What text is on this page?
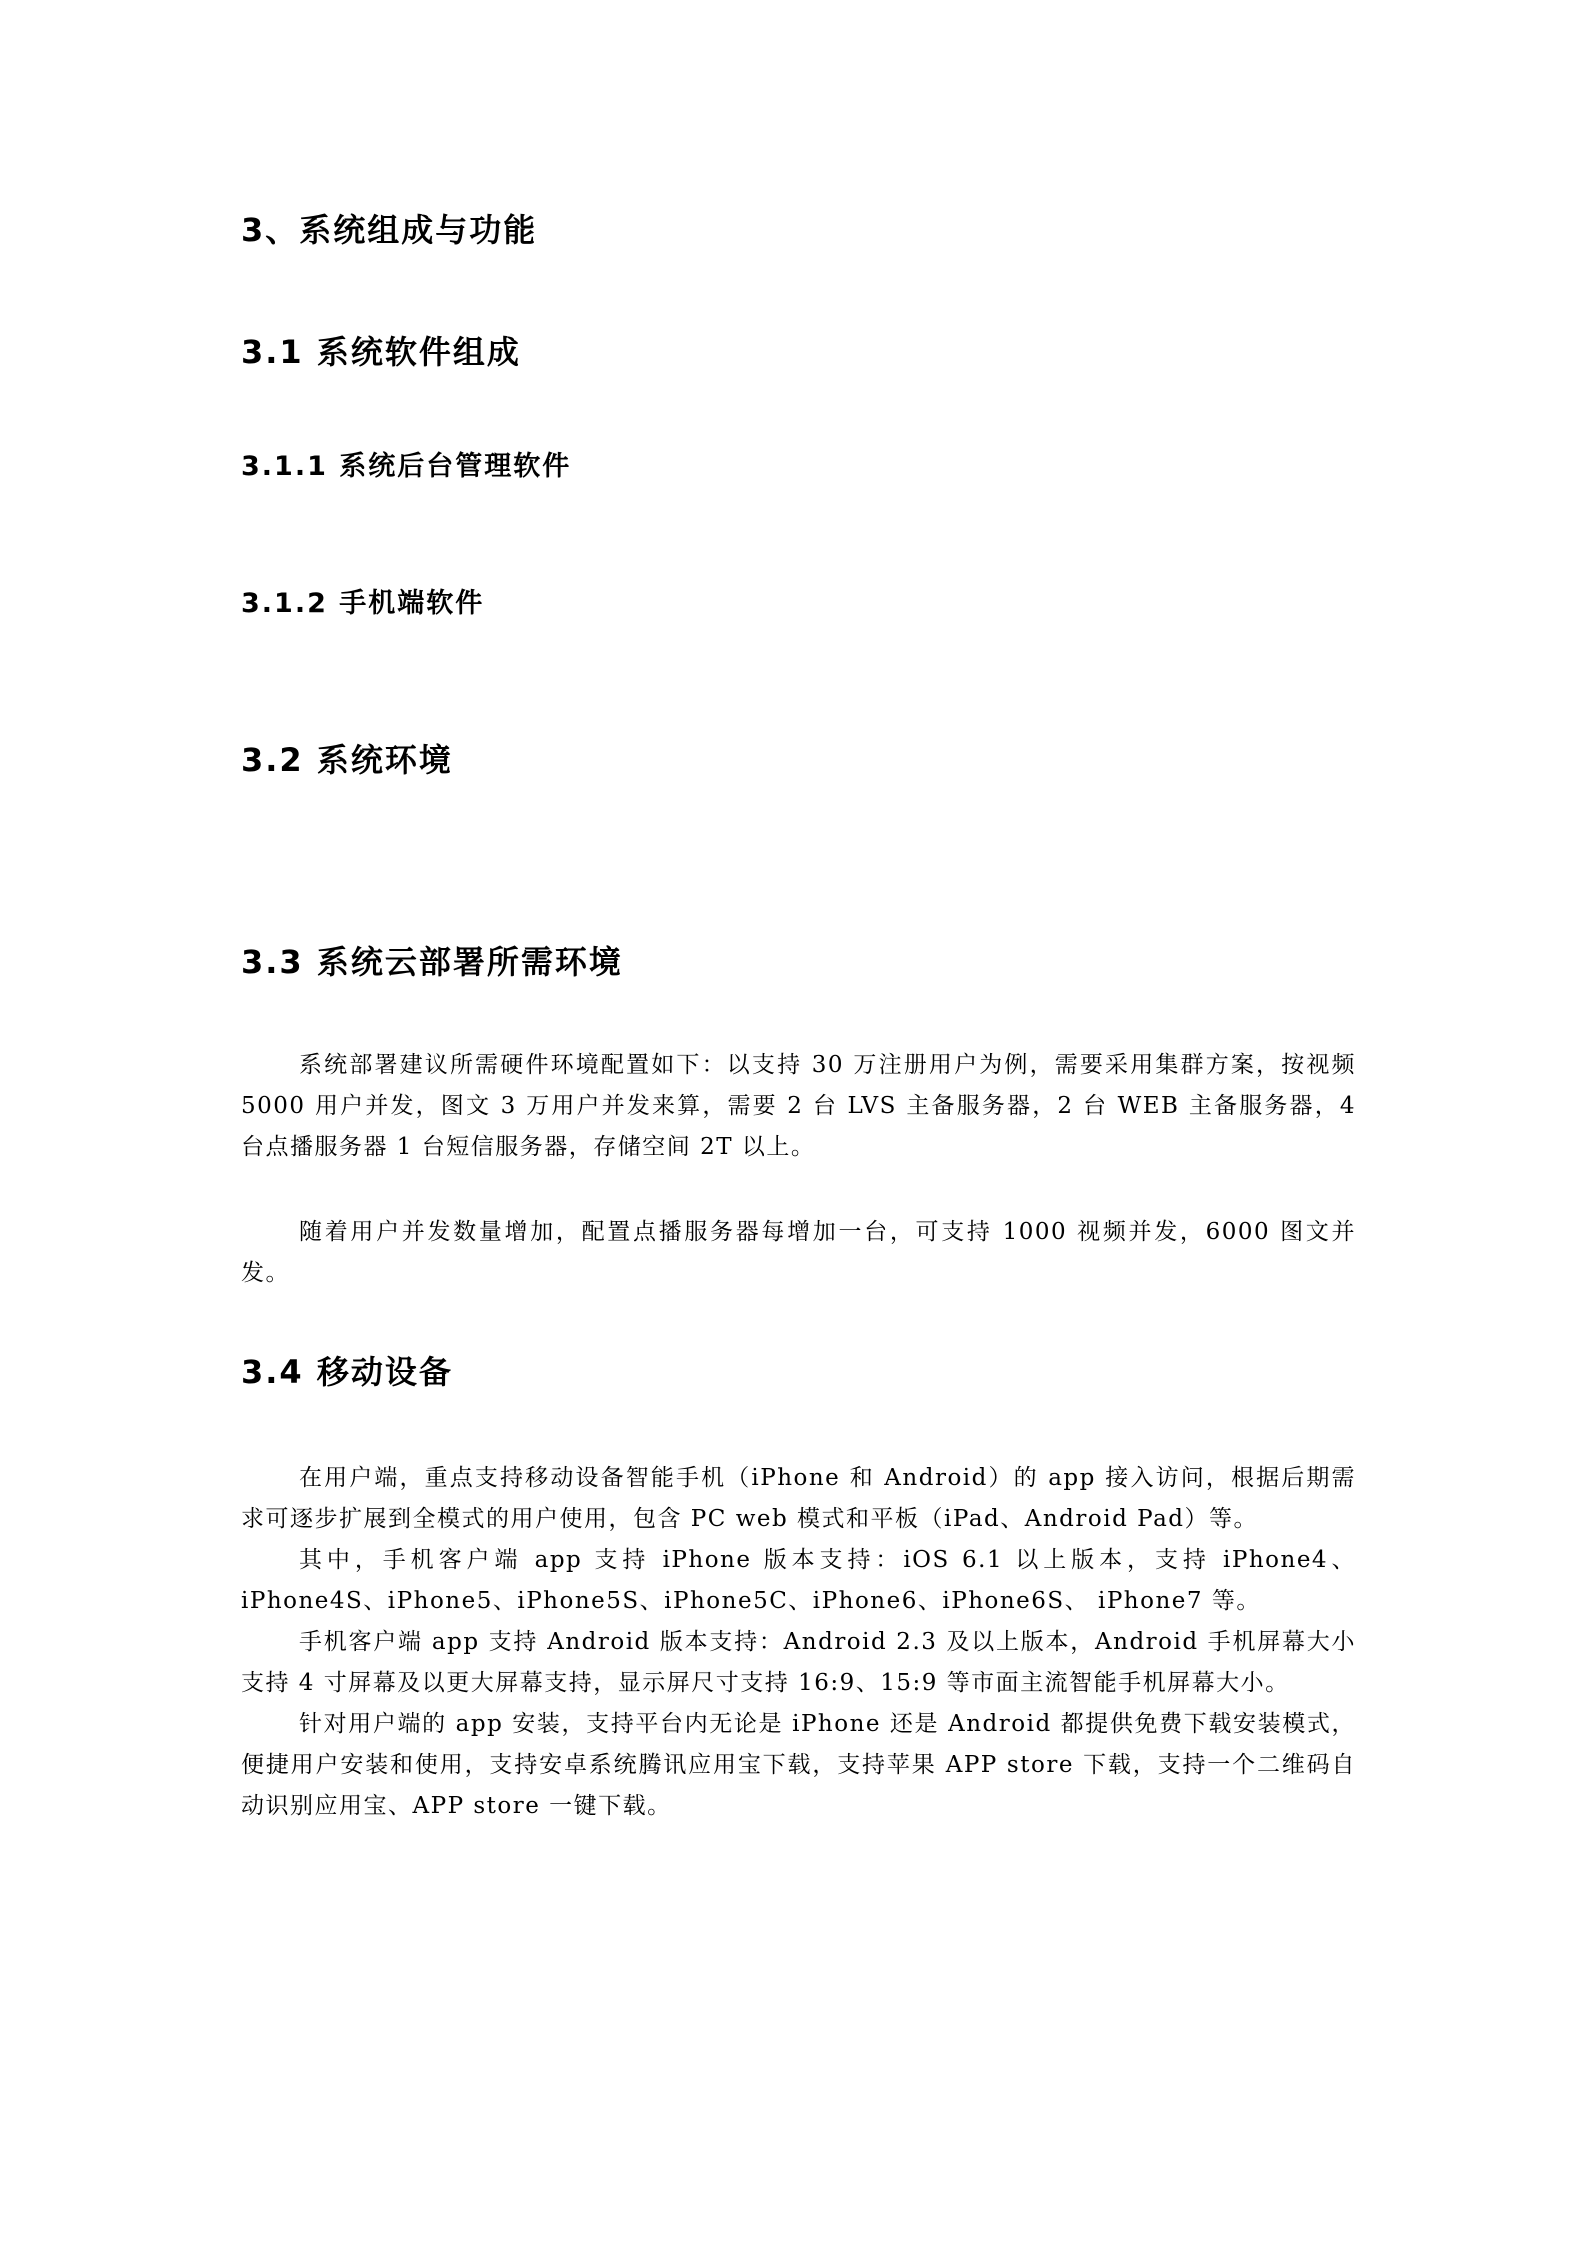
3、系统组成与功能
3.1 系统软件组成
3.1.1 系统后台管理软件
3.1.2 手机端软件
3.2 系统环境
3.3 系统云部署所需环境

系统部署建议所需硬件环境配置如下：以支持 30 万注册用户为例，需要采用集群方案，按视频 5000 用户并发，图文 3 万用户并发来算，需要 2 台 LVS 主备服务器，2 台 WEB 主备服务器，4 台点播服务器 1 台短信服务器，存储空间 2T 以上。

随着用户并发数量增加，配置点播服务器每增加一台，可支持 1000 视频并发，6000 图文并发。

3.4 移动设备

在用户端，重点支持移动设备智能手机（iPhone 和 Android）的 app 接入访问，根据后期需求可逐步扩展到全模式的用户使用，包含 PC web 模式和平板（iPad、Android Pad）等。

其中，手机客户端 app 支持 iPhone 版本支持：iOS 6.1 以上版本，支持 iPhone4、iPhone4S、iPhone5、iPhone5S、iPhone5C、iPhone6、iPhone6S、 iPhone7 等。

手机客户端 app 支持 Android 版本支持：Android 2.3 及以上版本，Android 手机屏幕大小支持 4 寸屏幕及以更大屏幕支持，显示屏尺寸支持 16:9、15:9 等市面主流智能手机屏幕大小。

针对用户端的 app 安装，支持平台内无论是 iPhone 还是 Android 都提供免费下载安装模式，便捷用户安装和使用，支持安卓系统腾讯应用宝下载，支持苹果 APP store 下载，支持一个二维码自动识别应用宝、APP store 一键下载。
